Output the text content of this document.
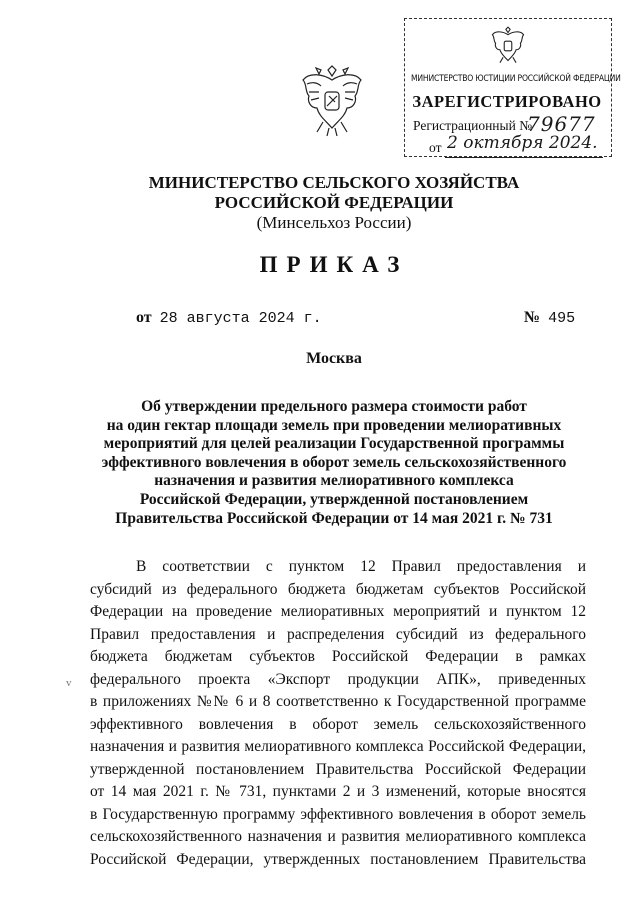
МИНИСТЕРСТВО ЮСТИЦИИ РОССИЙСКОЙ ФЕДЕРАЦИИ
ЗАРЕГИСТРИРОВАНО
Регистрационный №
79677
от 2 октября 2024.
МИНИСТЕРСТВО СЕЛЬСКОГО ХОЗЯЙСТВА
РОССИЙСКОЙ ФЕДЕРАЦИИ
(Минсельхоз России)
ПРИКАЗ
от 28 августа 2024 г.	№ 495
Москва
Об утверждении предельного размера стоимости работ
на один гектар площади земель при проведении мелиоративных
мероприятий для целей реализации Государственной программы
эффективного вовлечения в оборот земель сельскохозяйственного
назначения и развития мелиоративного комплекса
Российской Федерации, утвержденной постановлением
Правительства Российской Федерации от 14 мая 2021 г. № 731
v
В соответствии с пунктом 12 Правил предоставления и
субсидий из федерального бюджета бюджетам субъектов Российской
Федерации на проведение мелиоративных мероприятий и пунктом 12
Правил предоставления и распределения субсидий из федерального
бюджета бюджетам субъектов Российской Федерации в рамках
федерального проекта «Экспорт продукции АПК», приведенных
в приложениях №№ 6 и 8 соответственно к Государственной программе
эффективного вовлечения в оборот земель сельскохозяйственного
назначения и развития мелиоративного комплекса Российской Федерации,
утвержденной постановлением Правительства Российской Федерации
от 14 мая 2021 г. № 731, пунктами 2 и 3 изменений, которые вносятся
в Государственную программу эффективного вовлечения в оборот земель
сельскохозяйственного назначения и развития мелиоративного комплекса
Российской Федерации, утвержденных постановлением Правительства
